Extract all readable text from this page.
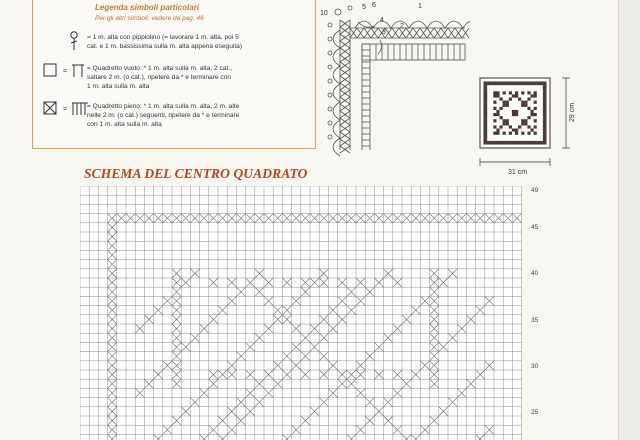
Legenda simboli particolari
Per gli altri simboli: vedere da pag. 46
= 1 m. alta con pippiolino (= lavorare 1 m. alta, poi 5
cat. e 1 m. bassissima sulla m. alta appena eseguita)
=	= Quadretto vuoto: * 1 m. alta sulla m. alta, 2 cat.,
saltare 2 m. (o cat.), ripetere da * e terminare con
1 m. alta sulla m. alta
=	= Quadretto pieno: * 1 m. alta sulla m. alta, 2 m. alte
nelle 2 m. (o cat.) seguenti, ripetere da * e terminare
con 1 m. alta sulla m. alta
10
5 6
4
3
2
1
29 cm
31 cm
SCHEMA DEL CENTRO QUADRATO
49
45
40
35
30
25
